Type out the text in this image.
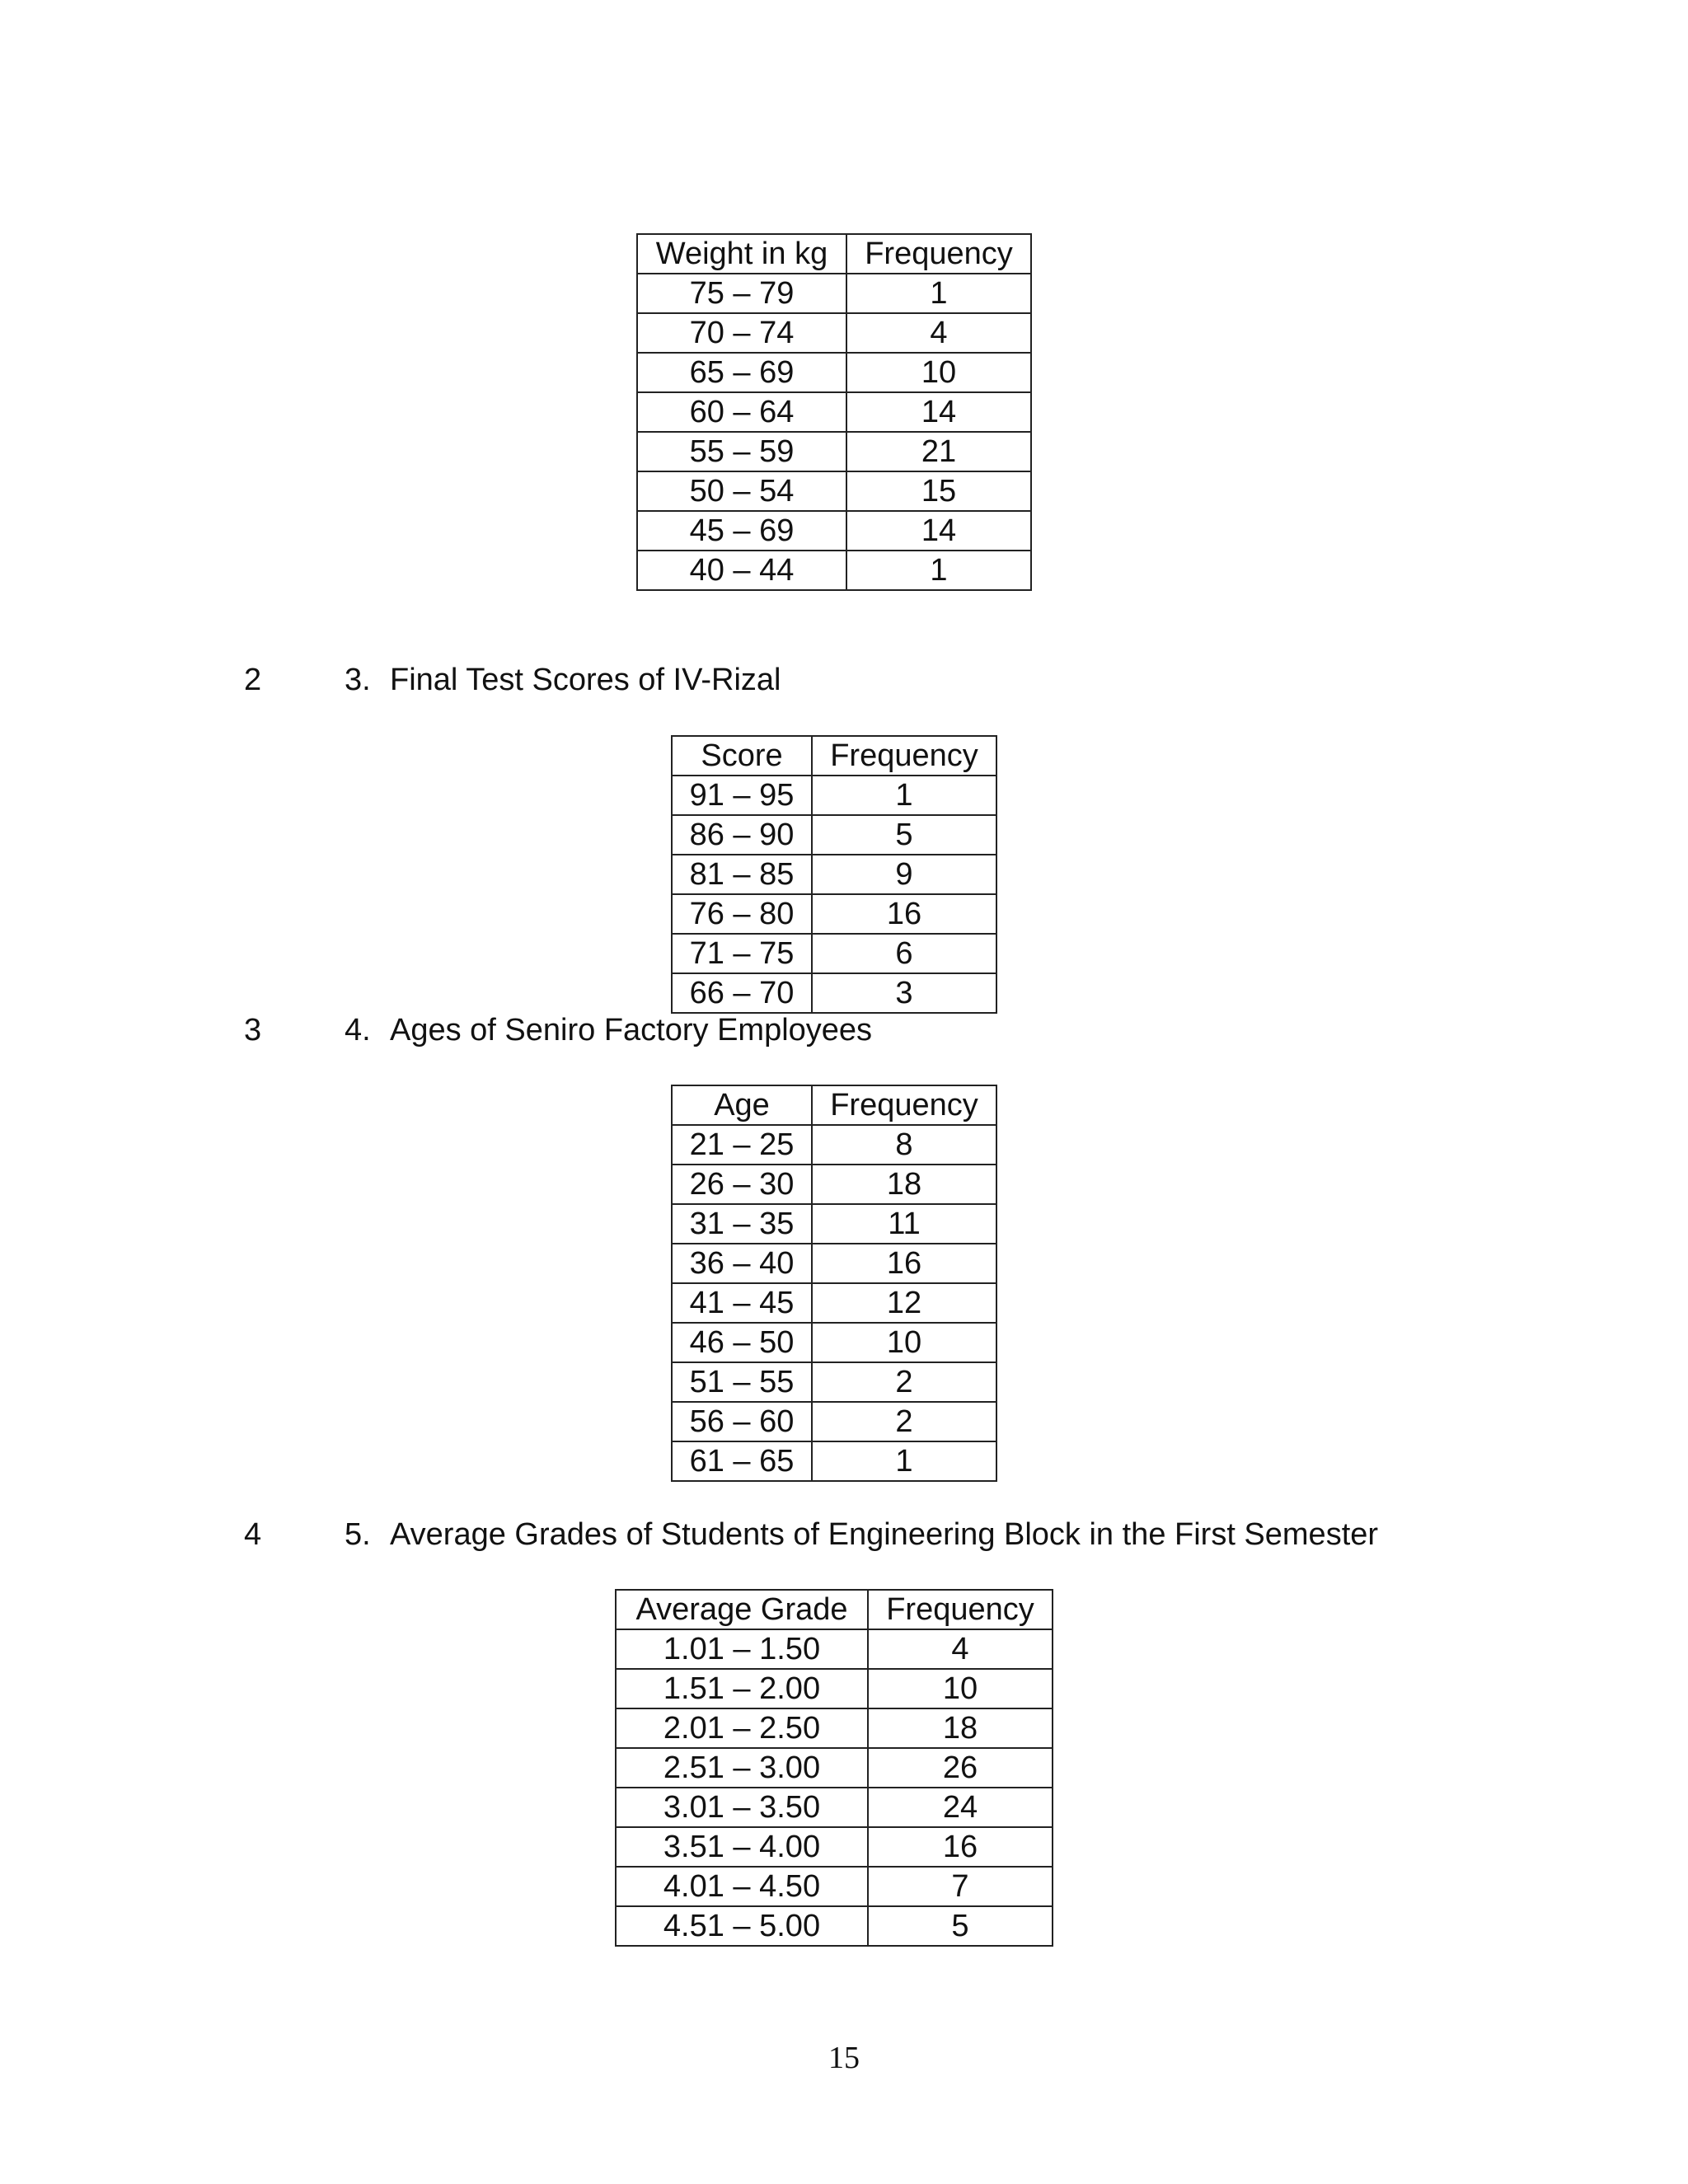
Weight in kg	Frequency
75 – 79	1
70 – 74	4
65 – 69	10
60 – 64	14
55 – 59	21
50 – 54	15
45 – 69	14
40 – 44	1
2	3. Final Test Scores of IV-Rizal
Score	Frequency
91 – 95	1
86 – 90	5
81 – 85	9
76 – 80	16
71 – 75	6
66 – 70	3
3	4. Ages of Seniro Factory Employees
Age	Frequency
21 – 25	8
26 – 30	18
31 – 35	11
36 – 40	16
41 – 45	12
46 – 50	10
51 – 55	2
56 – 60	2
61 – 65	1
4	5. Average Grades of Students of Engineering Block in the First Semester
Average Grade	Frequency
1.01 – 1.50	4
1.51 – 2.00	10
2.01 – 2.50	18
2.51 – 3.00	26
3.01 – 3.50	24
3.51 – 4.00	16
4.01 – 4.50	7
4.51 – 5.00	5
15
